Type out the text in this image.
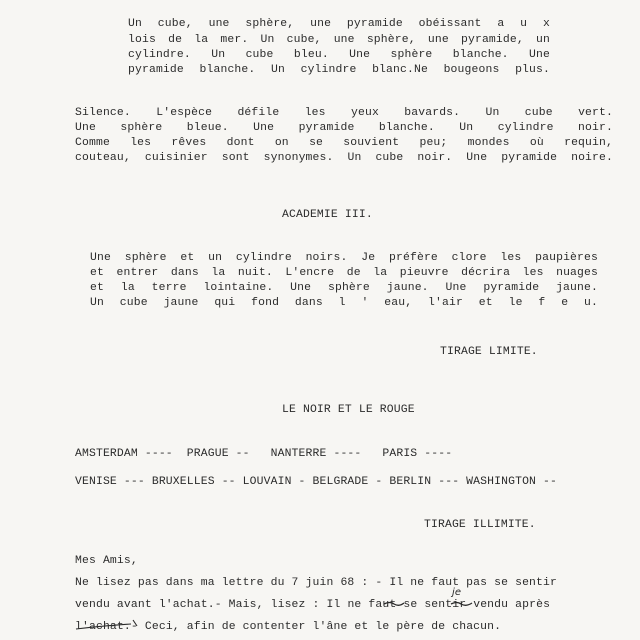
Un cube, une sphère, une pyramide obéissant a u x
lois de la mer. Un cube, une sphère, une pyramide, un
cylindre. Un cube bleu. Une sphère blanche. Une
pyramide blanche. Un cylindre blanc.Ne bougeons plus.
Silence. L'espèce défile les yeux bavards. Un cube vert.
Une sphère bleue. Une pyramide blanche. Un cylindre noir.
Comme les rêves dont on se souvient peu; mondes où requin,
couteau, cuisinier sont synonymes. Un cube noir. Une pyramide noire.
ACADEMIE III.
Une sphère et un cylindre noirs. Je préfère clore les paupières
et entrer dans la nuit. L'encre de la pieuvre décrira les nuages
et la terre lointaine. Une sphère jaune. Une pyramide jaune.
Un cube jaune qui fond dans l ' eau, l'air et le f e u.
TIRAGE LIMITE.
LE NOIR ET LE ROUGE
AMSTERDAM ----  PRAGUE --   NANTERRE ----   PARIS ----
VENISE --- BRUXELLES -- LOUVAIN - BELGRADE - BERLIN --- WASHINGTON --
TIRAGE ILLIMITE.
Mes Amis,
Ne lisez pas dans ma lettre du 7 juin 68 : - Il ne faut pas se sentir
vendu avant l'achat.- Mais, lisez : Il ne faut se sentir vendu après
je
l'achat.- Ceci, afin de contenter l'âne et le père de chacun.
